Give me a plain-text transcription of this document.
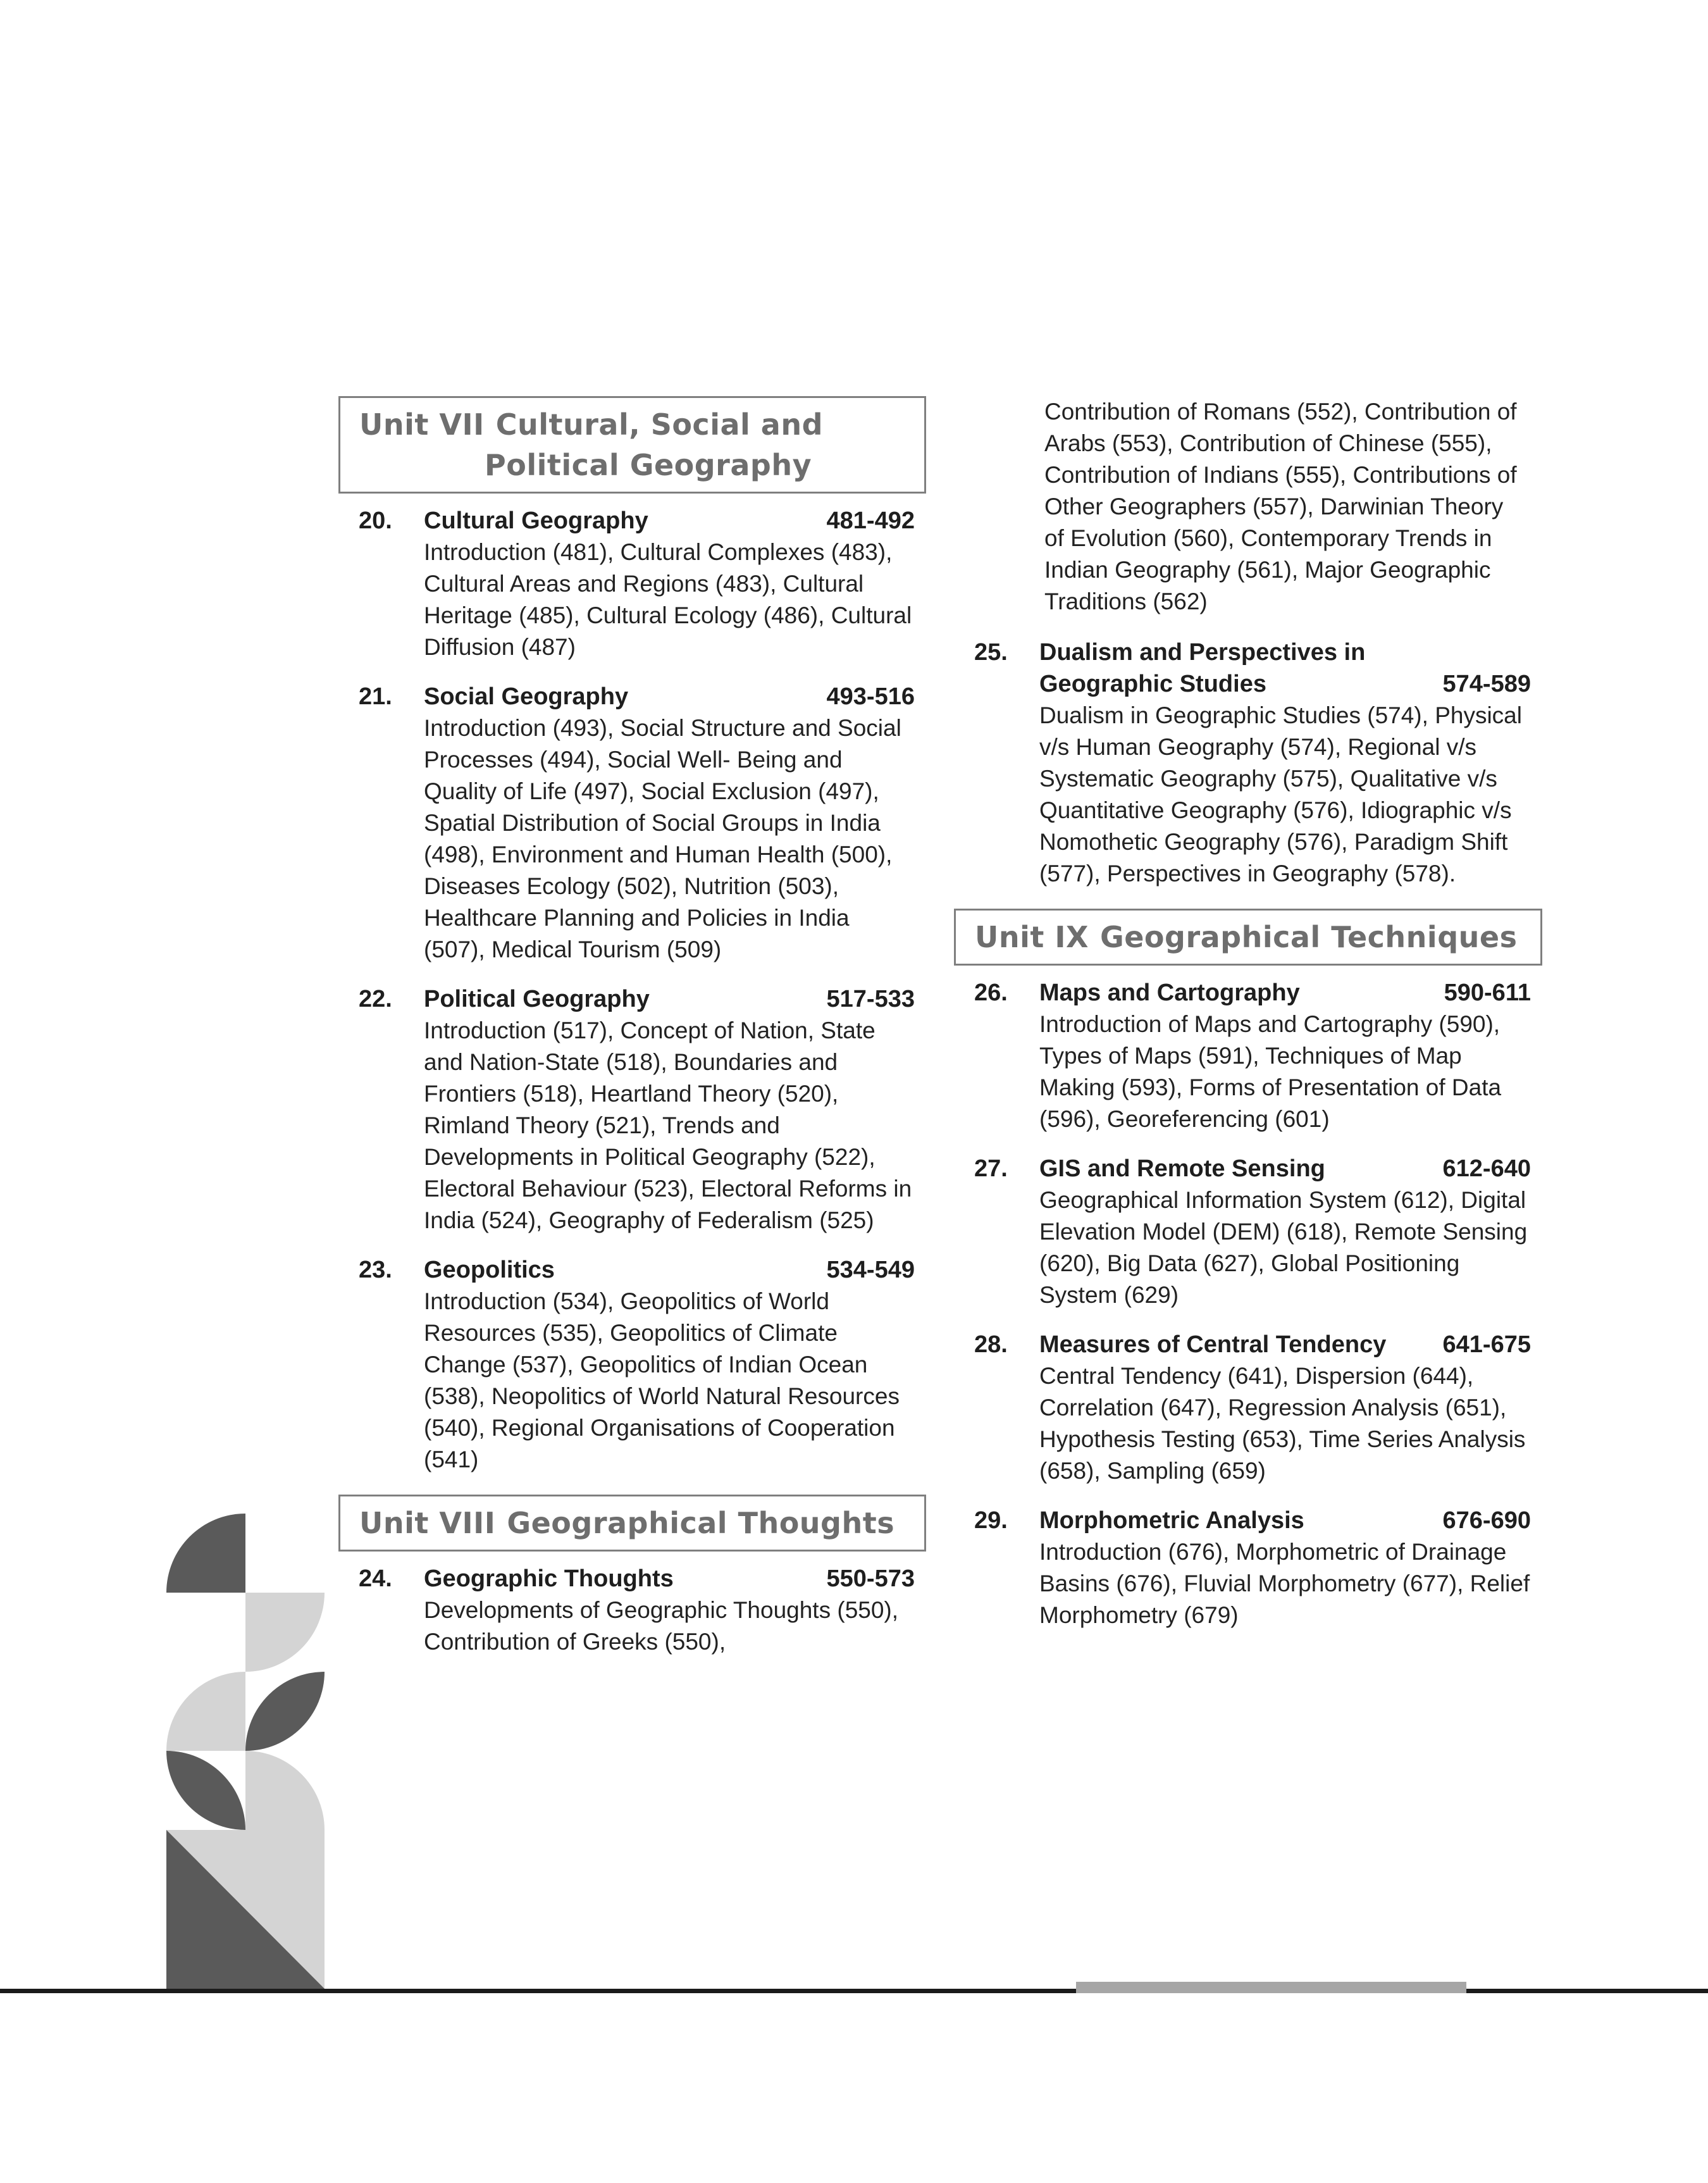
Unit VII Cultural, Social and
Political Geography
20. Cultural Geography	481-492
Introduction (481), Cultural Complexes (483), Cultural Areas and Regions (483), Cultural Heritage (485), Cultural Ecology (486), Cultural Diffusion (487)
21. Social Geography	493-516
Introduction (493), Social Structure and Social Processes (494), Social Well- Being and Quality of Life (497), Social Exclusion (497), Spatial Distribution of Social Groups in India (498), Environment and Human Health (500), Diseases Ecology (502), Nutrition (503), Healthcare Planning and Policies in India (507), Medical Tourism (509)
22. Political Geography	517-533
Introduction (517), Concept of Nation, State and Nation-State (518), Boundaries and Frontiers (518), Heartland Theory (520), Rimland Theory (521), Trends and Developments in Political Geography (522), Electoral Behaviour (523), Electoral Reforms in India (524), Geography of Federalism (525)
23. Geopolitics	534-549
Introduction (534), Geopolitics of World Resources (535), Geopolitics of Climate Change (537), Geopolitics of Indian Ocean (538), Neopolitics of World Natural Resources (540), Regional Organisations of Cooperation (541)
Unit VIII Geographical Thoughts
24. Geographic Thoughts	550-573
Developments of Geographic Thoughts (550), Contribution of Greeks (550),
Contribution of Romans (552), Contribution of Arabs (553), Contribution of Chinese (555), Contribution of Indians (555), Contributions of Other Geographers (557), Darwinian Theory of Evolution (560), Contemporary Trends in Indian Geography (561), Major Geographic Traditions (562)
25. Dualism and Perspectives in Geographic Studies	574-589
Dualism in Geographic Studies (574), Physical v/s Human Geography (574), Regional v/s Systematic Geography (575), Qualitative v/s Quantitative Geography (576), Idiographic v/s Nomothetic Geography (576), Paradigm Shift (577), Perspectives in Geography (578).
Unit IX Geographical Techniques
26. Maps and Cartography	590-611
Introduction of Maps and Cartography (590), Types of Maps (591), Techniques of Map Making (593), Forms of Presentation of Data (596), Georeferencing (601)
27. GIS and Remote Sensing	612-640
Geographical Information System (612), Digital Elevation Model (DEM) (618), Remote Sensing (620), Big Data (627), Global Positioning System (629)
28. Measures of Central Tendency	641-675
Central Tendency (641), Dispersion (644), Correlation (647), Regression Analysis (651), Hypothesis Testing (653), Time Series Analysis (658), Sampling (659)
29. Morphometric Analysis	676-690
Introduction (676), Morphometric of Drainage Basins (676), Fluvial Morphometry (677), Relief Morphometry (679)
